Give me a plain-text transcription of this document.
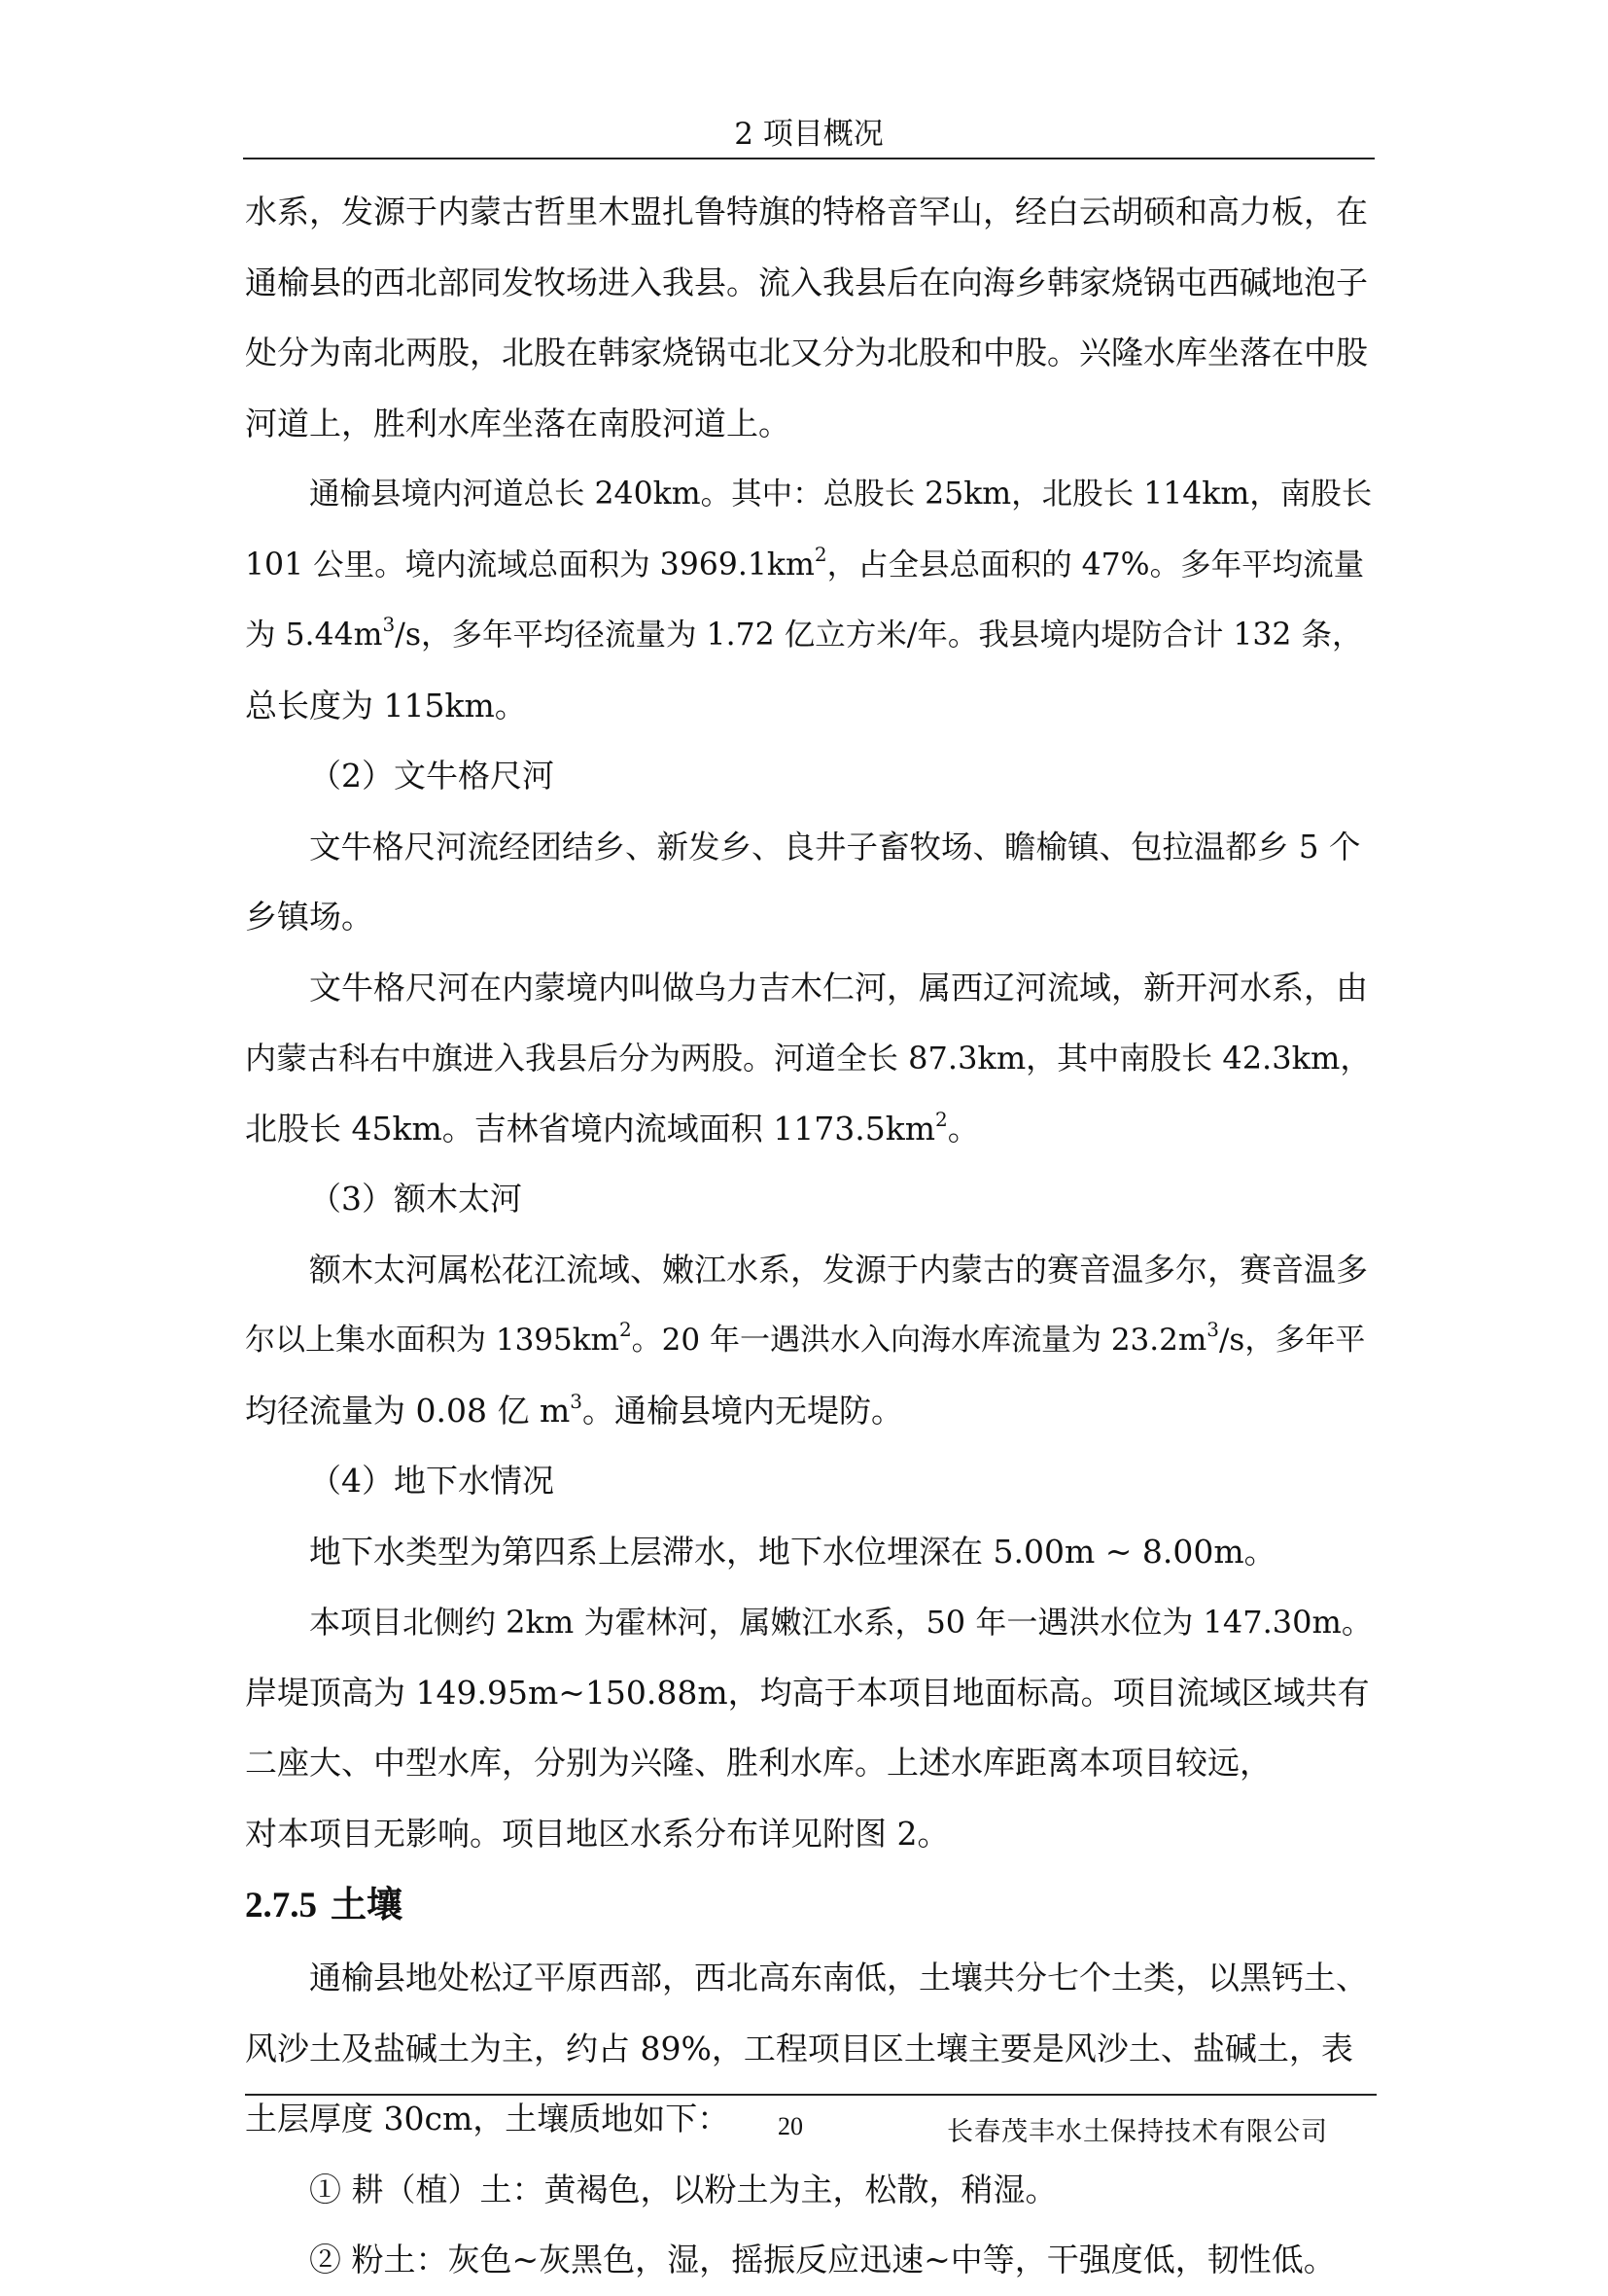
2 项目概况

水系，发源于内蒙古哲里木盟扎鲁特旗的特格音罕山，经白云胡硕和高力板，在

通榆县的西北部同发牧场进入我县。流入我县后在向海乡韩家烧锅屯西碱地泡子

处分为南北两股，北股在韩家烧锅屯北又分为北股和中股。兴隆水库坐落在中股

河道上，胜利水库坐落在南股河道上。

通榆县境内河道总长 240km。其中：总股长 25km，北股长 114km，南股长

101 公里。境内流域总面积为 $3969.1km^2$，占全县总面积的 47%。多年平均流量

为 $5.44m^3/s$，多年平均径流量为 1.72 亿立方米/年。我县境内堤防合计 132 条，

总长度为 115km。

（2）文牛格尺河

文牛格尺河流经团结乡、新发乡、良井子畜牧场、瞻榆镇、包拉温都乡 5 个

乡镇场。

文牛格尺河在内蒙境内叫做乌力吉木仁河，属西辽河流域，新开河水系，由

内蒙古科右中旗进入我县后分为两股。河道全长 87.3km，其中南股长 42.3km，

北股长 45km。吉林省境内流域面积 $1173.5km^2$。

（3）额木太河

额木太河属松花江流域、嫩江水系，发源于内蒙古的赛音温多尔，赛音温多

尔以上集水面积为 $1395km^2$。20 年一遇洪水入向海水库流量为 $23.2m^3/s$，多年平

均径流量为 0.08 亿 $m^3$。通榆县境内无堤防。

（4）地下水情况

地下水类型为第四系上层滞水，地下水位埋深在 5.00m ~ 8.00m。

本项目北侧约 2km 为霍林河，属嫩江水系，50 年一遇洪水位为 147.30m。

岸堤顶高为 149.95m~150.88m，均高于本项目地面标高。项目流域区域共有

二座大、中型水库，分别为兴隆、胜利水库。上述水库距离本项目较远，

对本项目无影响。项目地区水系分布详见附图 2。

2.7.5 土壤

通榆县地处松辽平原西部，西北高东南低，土壤共分七个土类，以黑钙土、

风沙土及盐碱土为主，约占 89%，工程项目区土壤主要是风沙土、盐碱土，表

土层厚度 30cm，土壤质地如下：

① 耕（植）土：黄褐色，以粉土为主，松散，稍湿。

② 粉土：灰色~灰黑色，湿，摇振反应迅速~中等，干强度低，韧性低。

20	长春茂丰水土保持技术有限公司
